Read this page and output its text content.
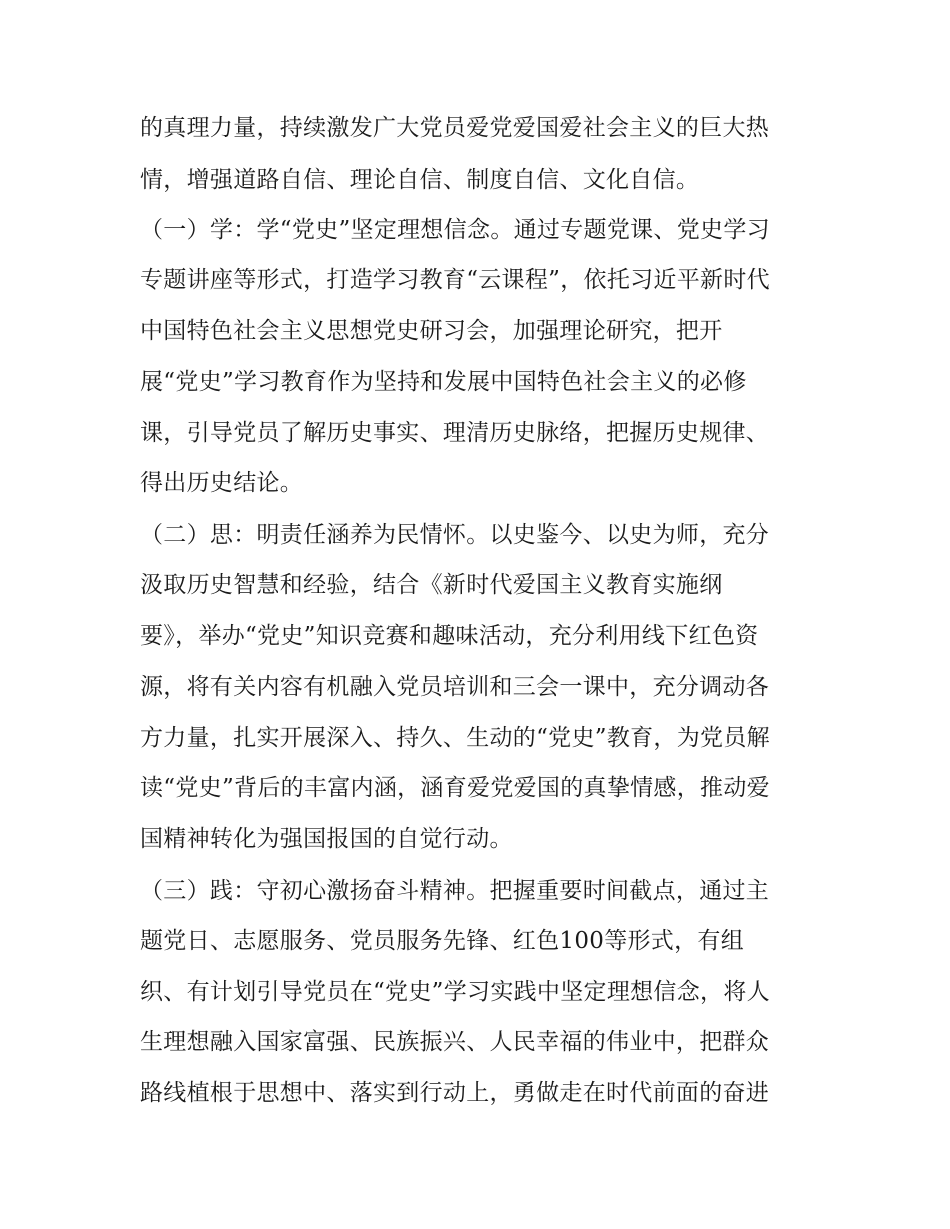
的真理力量，持续激发广大党员爱党爱国爱社会主义的巨大热
情，增强道路自信、理论自信、制度自信、文化自信。
（一）学：学“党史”坚定理想信念。通过专题党课、党史学习
专题讲座等形式，打造学习教育“云课程”，依托习近平新时代
中国特色社会主义思想党史研习会，加强理论研究，把开
展“党史”学习教育作为坚持和发展中国特色社会主义的必修
课，引导党员了解历史事实、理清历史脉络，把握历史规律、
得出历史结论。
（二）思：明责任涵养为民情怀。以史鉴今、以史为师，充分
汲取历史智慧和经验，结合《新时代爱国主义教育实施纲
要》，举办“党史”知识竞赛和趣味活动，充分利用线下红色资
源，将有关内容有机融入党员培训和三会一课中，充分调动各
方力量，扎实开展深入、持久、生动的“党史”教育，为党员解
读“党史”背后的丰富内涵，涵育爱党爱国的真挚情感，推动爱
国精神转化为强国报国的自觉行动。
（三）践：守初心激扬奋斗精神。把握重要时间截点，通过主
题党日、志愿服务、党员服务先锋、红色100等形式，有组
织、有计划引导党员在“党史”学习实践中坚定理想信念，将人
生理想融入国家富强、民族振兴、人民幸福的伟业中，把群众
路线植根于思想中、落实到行动上，勇做走在时代前面的奋进
